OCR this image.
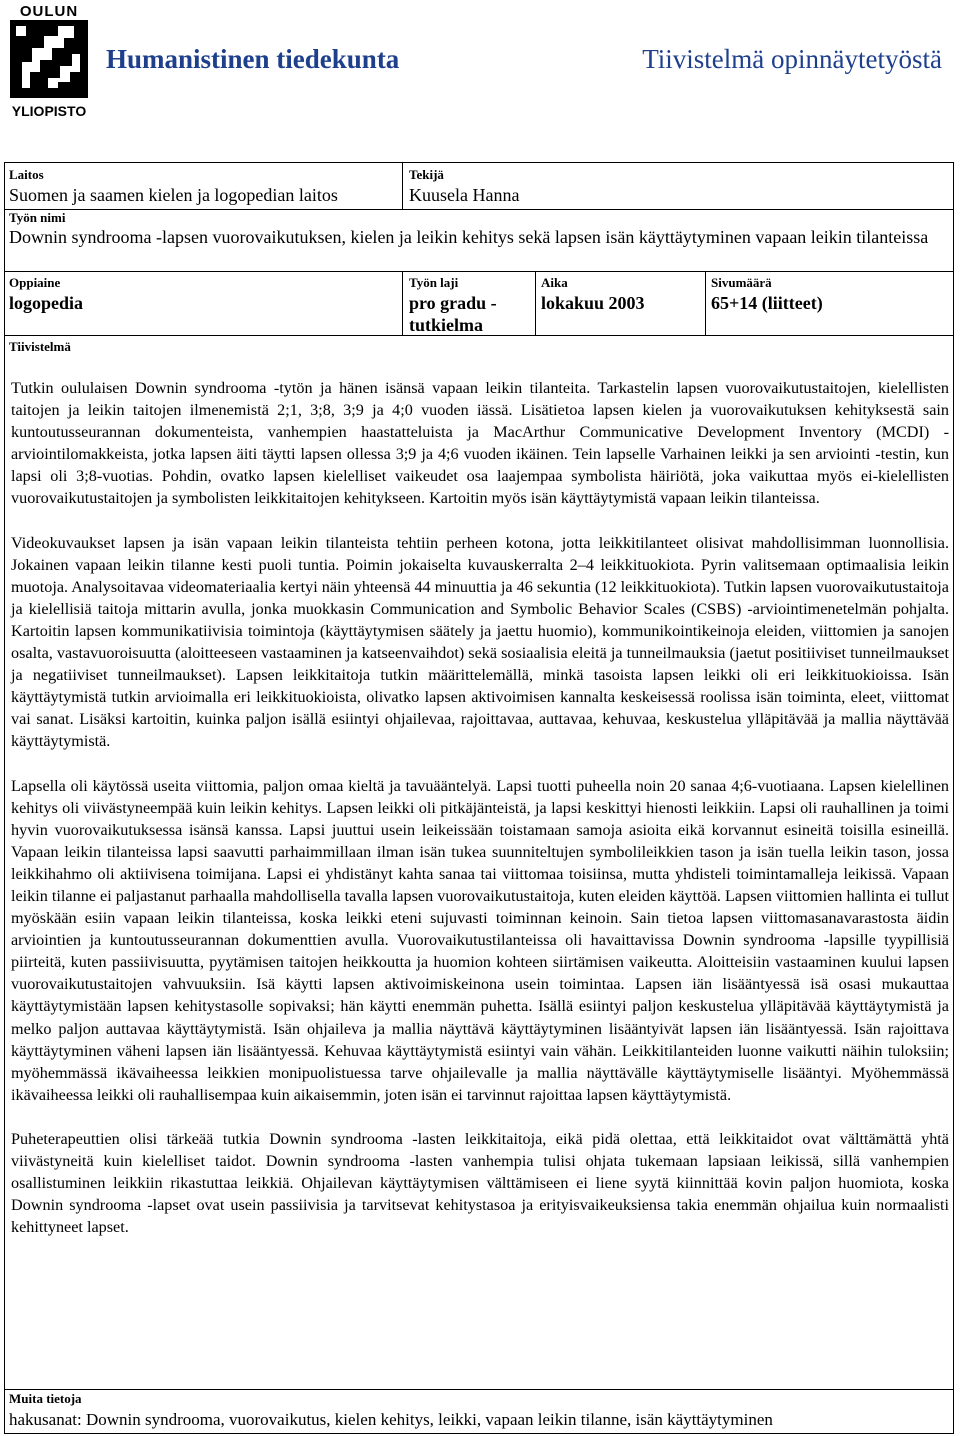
OULUN
YLIOPISTO
Humanistinen tiedekunta	Tiivistelmä opinnäytetyöstä
Laitos
Suomen ja saamen kielen ja logopedian laitos
Tekijä
Kuusela Hanna
Työn nimi
Downin syndrooma -lapsen vuorovaikutuksen, kielen ja leikin kehitys sekä lapsen isän käyttäytyminen vapaan leikin tilanteissa
Oppiaine
logopedia
Työn laji
pro gradu - tutkielma
Aika
lokakuu 2003
Sivumäärä
65+14 (liitteet)
Tiivistelmä

Tutkin oululaisen Downin syndrooma -tytön ja hänen isänsä vapaan leikin tilanteita. Tarkastelin lapsen vuorovaikutustaitojen, kielellisten taitojen ja leikin taitojen ilmenemistä 2;1, 3;8, 3;9 ja 4;0 vuoden iässä. Lisätietoa lapsen kielen ja vuorovaikutuksen kehityksestä sain kuntoutusseurannan dokumenteista, vanhempien haastatteluista ja MacArthur Communicative Development Inventory (MCDI) -arviointilomakkeista, jotka lapsen äiti täytti lapsen ollessa 3;9 ja 4;6 vuoden ikäinen. Tein lapselle Varhainen leikki ja sen arviointi -testin, kun lapsi oli 3;8-vuotias. Pohdin, ovatko lapsen kielelliset vaikeudet osa laajempaa symbolista häiriötä, joka vaikuttaa myös ei-kielellisten vuorovaikutustaitojen ja symbolisten leikkitaitojen kehitykseen. Kartoitin myös isän käyttäytymistä vapaan leikin tilanteissa.

Videokuvaukset lapsen ja isän vapaan leikin tilanteista tehtiin perheen kotona, jotta leikkitilanteet olisivat mahdollisimman luonnollisia. Jokainen vapaan leikin tilanne kesti puoli tuntia. Poimin jokaiselta kuvauskerralta 2–4 leikkituokiota. Pyrin valitsemaan optimaalisia leikin muotoja. Analysoitavaa videomateriaalia kertyi näin yhteensä 44 minuuttia ja 46 sekuntia (12 leikkituokiota). Tutkin lapsen vuorovaikutustaitoja ja kielellisiä taitoja mittarin avulla, jonka muokkasin Communication and Symbolic Behavior Scales (CSBS) -arviointimenetelmän pohjalta. Kartoitin lapsen kommunikatiivisia toimintoja (käyttäytymisen säätely ja jaettu huomio), kommunikointikeinoja eleiden, viittomien ja sanojen osalta, vastavuoroisuutta (aloitteeseen vastaaminen ja katseenvaihdot) sekä sosiaalisia eleitä ja tunneilmauksia (jaetut positiiviset tunneilmaukset ja negatiiviset tunneilmaukset). Lapsen leikkitaitoja tutkin määrittelemällä, minkä tasoista lapsen leikki oli eri leikkituokioissa. Isän käyttäytymistä tutkin arvioimalla eri leikkituokioista, olivatko lapsen aktivoimisen kannalta keskeisessä roolissa isän toiminta, eleet, viittomat vai sanat. Lisäksi kartoitin, kuinka paljon isällä esiintyi ohjailevaa, rajoittavaa, auttavaa, kehuvaa, keskustelua ylläpitävää ja mallia näyttävää käyttäytymistä.

Lapsella oli käytössä useita viittomia, paljon omaa kieltä ja tavuääntelyä. Lapsi tuotti puheella noin 20 sanaa 4;6-vuotiaana. Lapsen kielellinen kehitys oli viivästyneempää kuin leikin kehitys. Lapsen leikki oli pitkäjänteistä, ja lapsi keskittyi hienosti leikkiin. Lapsi oli rauhallinen ja toimi hyvin vuorovaikutuksessa isänsä kanssa. Lapsi juuttui usein leikeissään toistamaan samoja asioita eikä korvannut esineitä toisilla esineillä. Vapaan leikin tilanteissa lapsi saavutti parhaimmillaan ilman isän tukea suunniteltujen symbolileikkien tason ja isän tuella leikin tason, jossa leikkihahmo oli aktiivisena toimijana. Lapsi ei yhdistänyt kahta sanaa tai viittomaa toisiinsa, mutta yhdisteli toimintamalleja leikissä. Vapaan leikin tilanne ei paljastanut parhaalla mahdollisella tavalla lapsen vuorovaikutustaitoja, kuten eleiden käyttöä. Lapsen viittomien hallinta ei tullut myöskään esiin vapaan leikin tilanteissa, koska leikki eteni sujuvasti toiminnan keinoin. Sain tietoa lapsen viittomasanavarastosta äidin arviointien ja kuntoutusseurannan dokumenttien avulla. Vuorovaikutustilanteissa oli havaittavissa Downin syndrooma -lapsille tyypillisiä piirteitä, kuten passiivisuutta, pyytämisen taitojen heikkoutta ja huomion kohteen siirtämisen vaikeutta. Aloitteisiin vastaaminen kuului lapsen vuorovaikutustaitojen vahvuuksiin. Isä käytti lapsen aktivoimiskeinona usein toimintaa. Lapsen iän lisääntyessä isä osasi mukauttaa käyttäytymistään lapsen kehitystasolle sopivaksi; hän käytti enemmän puhetta. Isällä esiintyi paljon keskustelua ylläpitävää käyttäytymistä ja melko paljon auttavaa käyttäytymistä. Isän ohjaileva ja mallia näyttävä käyttäytyminen lisääntyivät lapsen iän lisääntyessä. Isän rajoittava käyttäytyminen väheni lapsen iän lisääntyessä. Kehuvaa käyttäytymistä esiintyi vain vähän. Leikkitilanteiden luonne vaikutti näihin tuloksiin; myöhemmässä ikävaiheessa leikkien monipuolistuessa tarve ohjailevalle ja mallia näyttävälle käyttäytymiselle lisääntyi. Myöhemmässä ikävaiheessa leikki oli rauhallisempaa kuin aikaisemmin, joten isän ei tarvinnut rajoittaa lapsen käyttäytymistä.

Puheterapeuttien olisi tärkeää tutkia Downin syndrooma -lasten leikkitaitoja, eikä pidä olettaa, että leikkitaidot ovat välttämättä yhtä viivästyneitä kuin kielelliset taidot. Downin syndrooma -lasten vanhempia tulisi ohjata tukemaan lapsiaan leikissä, sillä vanhempien osallistuminen leikkiin rikastuttaa leikkiä. Ohjailevan käyttäytymisen välttämiseen ei liene syytä kiinnittää kovin paljon huomiota, koska Downin syndrooma -lapset ovat usein passiivisia ja tarvitsevat kehitystasoa ja erityisvaikeuksiensa takia enemmän ohjailua kuin normaalisti kehittyneet lapset.

Muita tietoja
hakusanat: Downin syndrooma, vuorovaikutus, kielen kehitys, leikki, vapaan leikin tilanne, isän käyttäytyminen
